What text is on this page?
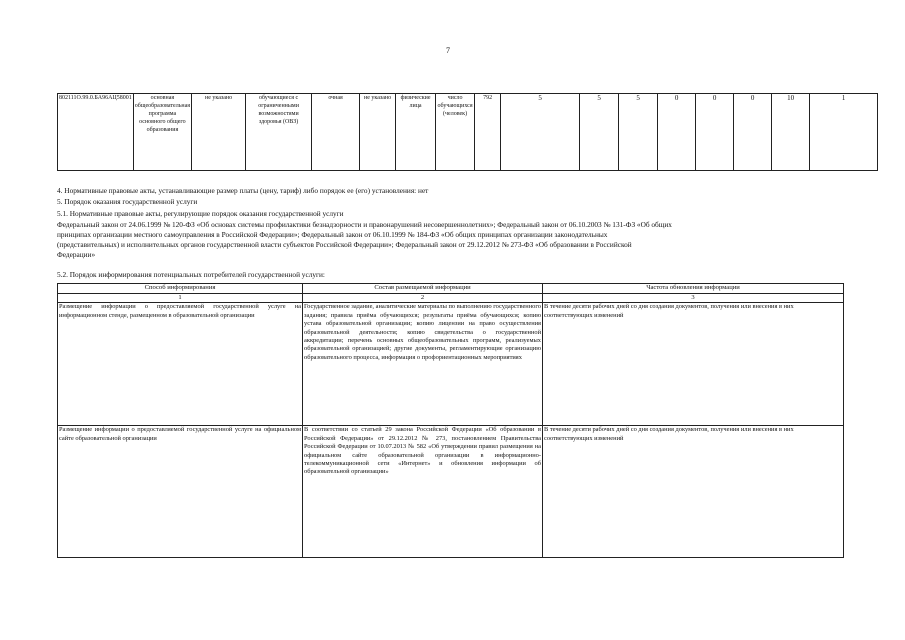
7
802111О.99.0.БА96АЦ58001	основная общеобразовательная программа основного общего образования	не указано	обучающиеся с ограниченными возможностями здоровья (ОВЗ)	очная	не указано	физические лица	число обучающихся (человек)	792	5	5	5	0	0	0	10	1
4. Нормативные правовые акты, устанавливающие размер платы (цену, тариф) либо порядок ее (его) установления: нет
5. Порядок оказания государственной услуги
5.1. Нормативные правовые акты, регулирующие порядок оказания государственной услуги
Федеральный закон от 24.06.1999 № 120-ФЗ «Об основах системы профилактики безнадзорности и правонарушений несовершеннолетних»; Федеральный закон от 06.10.2003 № 131-ФЗ «Об общих
принципах организации местного самоуправления в Российской Федерации»; Федеральный закон от 06.10.1999 № 184-ФЗ «Об общих принципах организации законодательных
(представительных) и исполнительных органов государственной власти субъектов Российской Федерации»; Федеральный закон от 29.12.2012 № 273-ФЗ «Об образовании в Российской
Федерации»
5.2. Порядок информирования потенциальных потребителей государственной услуги:
Способ информирования	Состав размещаемой информации	Частота обновления информации
1	2	3
Размещение информации о предоставляемой государственной услуге на информационном стенде, размещенном в образовательной организации	Государственное задание, аналитические материалы по выполнению государственного задания; правила приёма обучающихся; результаты приёма обучающихся; копию устава образовательной организации; копию лицензии на право осуществления образовательной деятельности; копию свидетельства о государственной аккредитации; перечень основных общеобразовательных программ, реализуемых образовательной организацией; другие документы, регламентирующие организацию образовательного процесса, информация о профориентационных мероприятиях	В течение десяти рабочих дней со дня создания документов, получения или внесения в них соответствующих изменений
Размещение информации о предоставляемой государственной услуге на официальном сайте образовательной организации	В соответствии со статьей 29 закона Российской Федерации «Об образовании в Российской Федерации» от 29.12.2012 № 273, постановлением Правительства Российской Федерации от 10.07.2013 № 582 «Об утверждении правил размещения на официальном сайте образовательной организации в информационно-телекоммуникационной сети «Интернет» и обновления информации об образовательной организации»	В течение десяти рабочих дней со дня создания документов, получения или внесения в них соответствующих изменений
